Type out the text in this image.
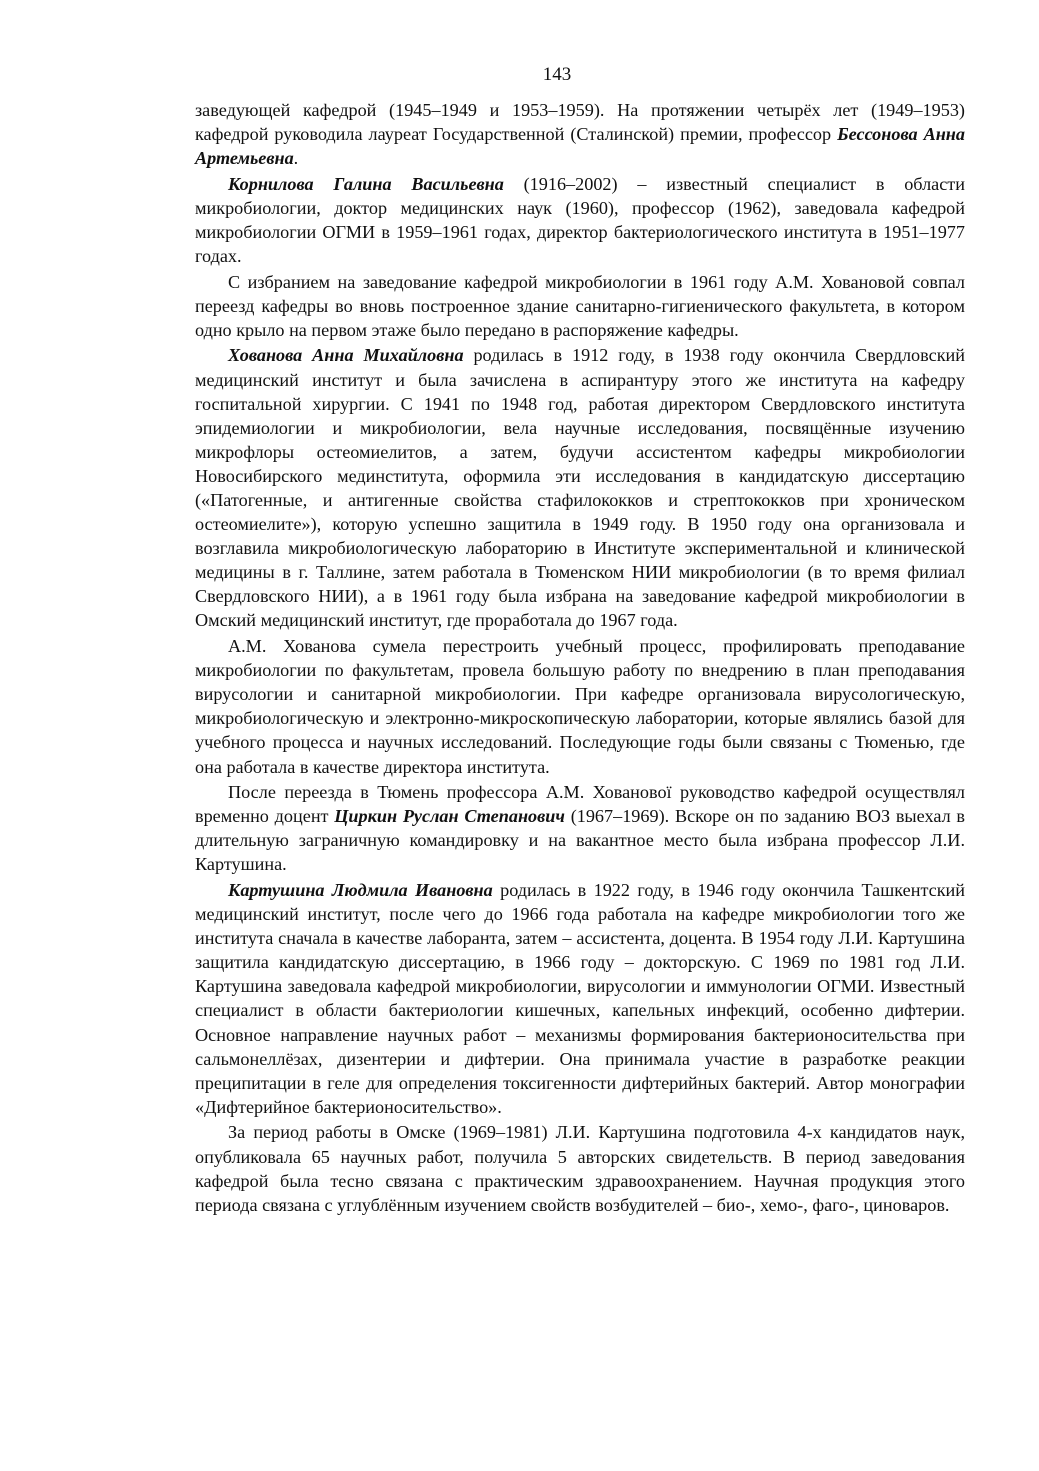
143

заведующей кафедрой (1945–1949 и 1953–1959). На протяжении четырёх лет (1949–1953) кафедрой руководила лауреат Государственной (Сталинской) премии, профессор Бессонова Анна Артемьевна.

Корнилова Галина Васильевна (1916–2002) – известный специалист в области микробиологии, доктор медицинских наук (1960), профессор (1962), заведовала кафедрой микробиологии ОГМИ в 1959–1961 годах, директор бактериологического института в 1951–1977 годах.

С избранием на заведование кафедрой микробиологии в 1961 году А.М. Ховановой совпал переезд кафедры во вновь построенное здание санитарно-гигиенического факультета, в котором одно крыло на первом этаже было передано в распоряжение кафедры.

Хованова Анна Михайловна родилась в 1912 году, в 1938 году окончила Свердловский медицинский институт и была зачислена в аспирантуру этого же института на кафедру госпитальной хирургии. С 1941 по 1948 год, работая директором Свердловского института эпидемиологии и микробиологии, вела научные исследования, посвящённые изучению микрофлоры остеомиелитов, а затем, будучи ассистентом кафедры микробиологии Новосибирского мединститута, оформила эти исследования в кандидатскую диссертацию («Патогенные, и антигенные свойства стафилококков и стрептококков при хроническом остеомиелите»), которую успешно защитила в 1949 году. В 1950 году она организовала и возглавила микробиологическую лабораторию в Институте экспериментальной и клинической медицины в г. Таллине, затем работала в Тюменском НИИ микробиологии (в то время филиал Свердловского НИИ), а в 1961 году была избрана на заведование кафедрой микробиологии в Омский медицинский институт, где проработала до 1967 года.

А.М. Хованова сумела перестроить учебный процесс, профилировать преподавание микробиологии по факультетам, провела большую работу по внедрению в план преподавания вирусологии и санитарной микробиологии. При кафедре организовала вирусологическую, микробиологическую и электронно-микроскопическую лаборатории, которые являлись базой для учебного процесса и научных исследований. Последующие годы были связаны с Тюменью, где она работала в качестве директора института.

После переезда в Тюмень профессора А.М. Хованової руководство кафедрой осуществлял временно доцент Циркин Руслан Степанович (1967–1969). Вскоре он по заданию ВОЗ выехал в длительную заграничную командировку и на вакантное место была избрана профессор Л.И. Картушина.

Картушина Людмила Ивановна родилась в 1922 году, в 1946 году окончила Ташкентский медицинский институт, после чего до 1966 года работала на кафедре микробиологии того же института сначала в качестве лаборанта, затем – ассистента, доцента. В 1954 году Л.И. Картушина защитила кандидатскую диссертацию, в 1966 году – докторскую. С 1969 по 1981 год Л.И. Картушина заведовала кафедрой микробиологии, вирусологии и иммунологии ОГМИ. Известный специалист в области бактериологии кишечных, капельных инфекций, особенно дифтерии. Основное направление научных работ – механизмы формирования бактерионосительства при сальмонеллёзах, дизентерии и дифтерии. Она принимала участие в разработке реакции преципитации в геле для определения токсигенности дифтерийных бактерий. Автор монографии «Дифтерийное бактерионосительство».

За период работы в Омске (1969–1981) Л.И. Картушина подготовила 4-х кандидатов наук, опубликовала 65 научных работ, получила 5 авторских свидетельств. В период заведования кафедрой была тесно связана с практическим здравоохранением. Научная продукция этого периода связана с углублённым изучением свойств возбудителей – био-, хемо-, фаго-, циноваров.
